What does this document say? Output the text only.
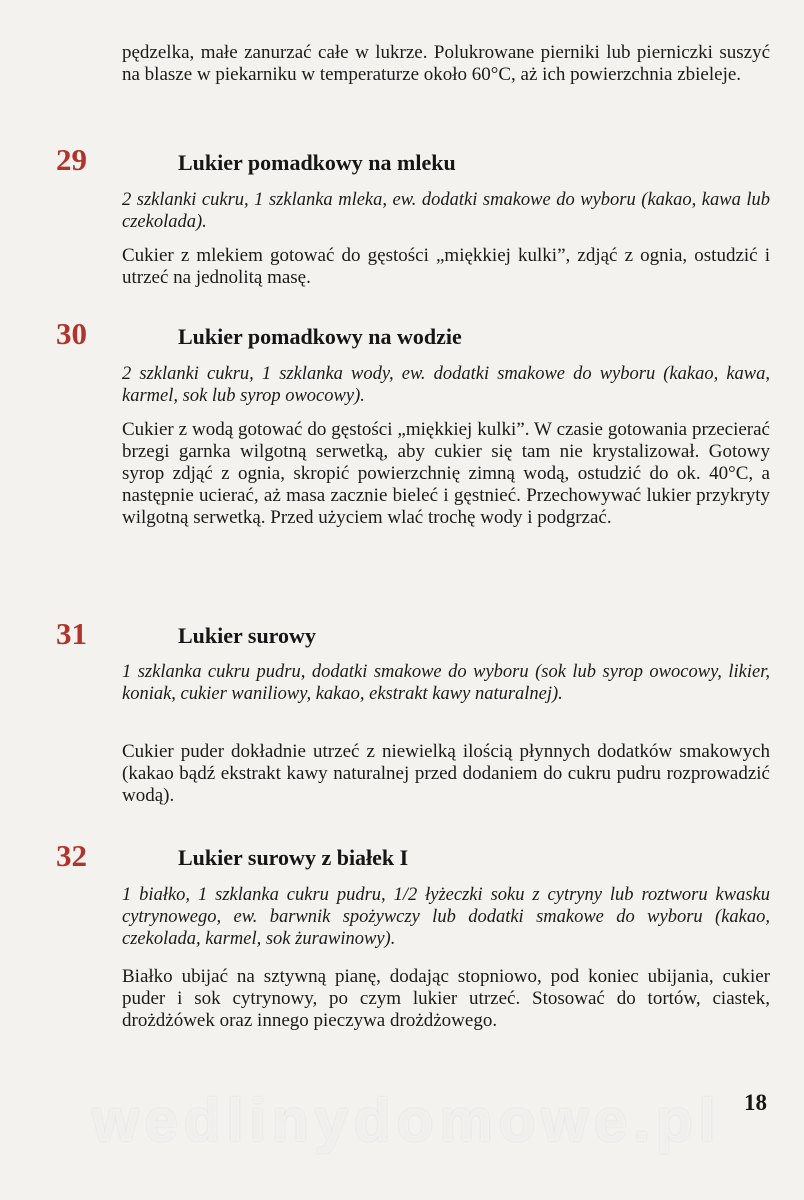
pędzelka, małe zanurzać całe w lukrze. Polukrowane pierniki lub pierniczki suszyć na blasze w piekarniku w temperaturze około 60°C, aż ich powierzchnia zbieleje.
29	Lukier pomadkowy na mleku
2 szklanki cukru, 1 szklanka mleka, ew. dodatki smakowe do wyboru (kakao, kawa lub czekolada).
Cukier z mlekiem gotować do gęstości „miękkiej kulki”, zdjąć z ognia, ostudzić i utrzeć na jednolitą masę.
30	Lukier pomadkowy na wodzie
2 szklanki cukru, 1 szklanka wody, ew. dodatki smakowe do wyboru (kakao, kawa, karmel, sok lub syrop owocowy).
Cukier z wodą gotować do gęstości „miękkiej kulki”. W czasie gotowania przecierać brzegi garnka wilgotną serwetką, aby cukier się tam nie krystalizował. Gotowy syrop zdjąć z ognia, skropić powierzchnię zimną wodą, ostudzić do ok. 40°C, a następnie ucierać, aż masa zacznie bieleć i gęstnieć. Przechowywać lukier przykryty wilgotną serwetką. Przed użyciem wlać trochę wody i podgrzać.
31	Lukier surowy
1 szklanka cukru pudru, dodatki smakowe do wyboru (sok lub syrop owocowy, likier, koniak, cukier waniliowy, kakao, ekstrakt kawy naturalnej).
Cukier puder dokładnie utrzeć z niewielką ilością płynnych dodatków smakowych (kakao bądź ekstrakt kawy naturalnej przed dodaniem do cukru pudru rozprowadzić wodą).
32	Lukier surowy z białek I
1 białko, 1 szklanka cukru pudru, 1/2 łyżeczki soku z cytryny lub roztworu kwasku cytrynowego, ew. barwnik spożywczy lub dodatki smakowe do wyboru (kakao, czekolada, karmel, sok żurawinowy).
Białko ubijać na sztywną pianę, dodając stopniowo, pod koniec ubijania, cukier puder i sok cytrynowy, po czym lukier utrzeć. Stosować do tortów, ciastek, drożdżówek oraz innego pieczywa drożdżowego.
wedlinydomowe.pl 18
